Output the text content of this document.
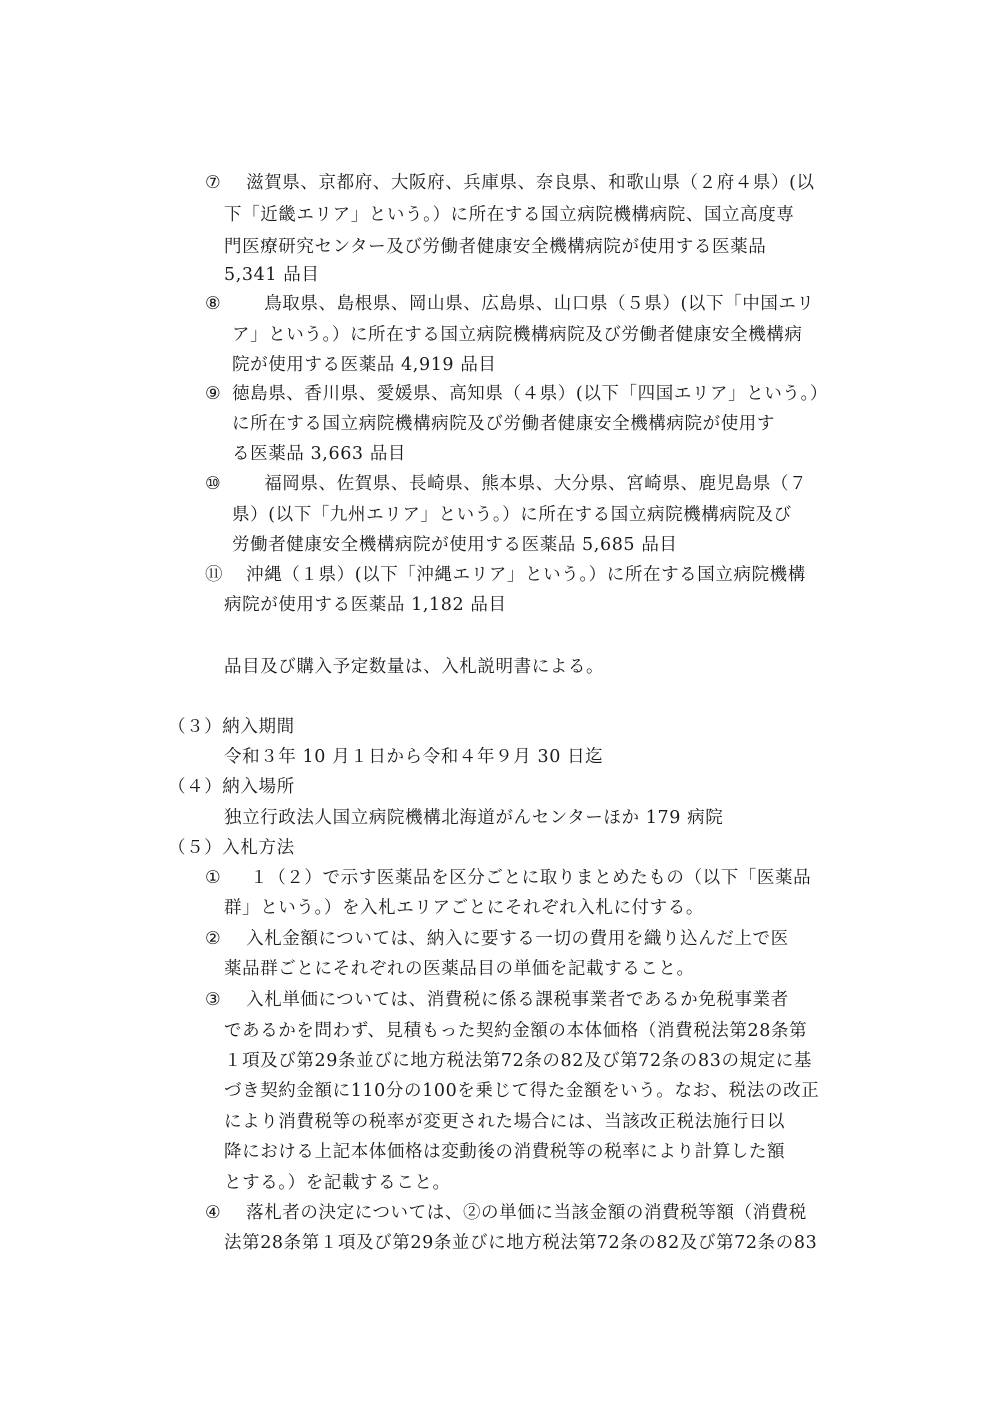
⑦ 　滋賀県、京都府、大阪府、兵庫県、奈良県、和歌山県（２府４県）(以
下「近畿エリア」という。）に所在する国立病院機構病院、国立高度専
門医療研究センター及び労働者健康安全機構病院が使用する医薬品
5,341 品目
⑧ 　　鳥取県、島根県、岡山県、広島県、山口県（５県）(以下「中国エリ
ア」という。）に所在する国立病院機構病院及び労働者健康安全機構病
院が使用する医薬品 4,919 品目
⑨ 徳島県、香川県、愛媛県、高知県（４県）(以下「四国エリア」という。）
に所在する国立病院機構病院及び労働者健康安全機構病院が使用す
る医薬品 3,663 品目
⑩ 　　福岡県、佐賀県、長崎県、熊本県、大分県、宮崎県、鹿児島県（７
県）(以下「九州エリア」という。）に所在する国立病院機構病院及び
労働者健康安全機構病院が使用する医薬品 5,685 品目
⑪ 　沖縄（１県）(以下「沖縄エリア」という。）に所在する国立病院機構
病院が使用する医薬品 1,182 品目
品目及び購入予定数量は、入札説明書による。
（３）納入期間
令和３年 10 月１日から令和４年９月 30 日迄
（４）納入場所
独立行政法人国立病院機構北海道がんセンターほか 179 病院
（５）入札方法
① 　１（２）で示す医薬品を区分ごとに取りまとめたもの（以下「医薬品
群」という。）を入札エリアごとにそれぞれ入札に付する。
② 　入札金額については、納入に要する一切の費用を織り込んだ上で医
薬品群ごとにそれぞれの医薬品目の単価を記載すること。
③ 　入札単価については、消費税に係る課税事業者であるか免税事業者
であるかを問わず、見積もった契約金額の本体価格（消費税法第28条第
１項及び第29条並びに地方税法第72条の82及び第72条の83の規定に基
づき契約金額に110分の100を乗じて得た金額をいう。なお、税法の改正
により消費税等の税率が変更された場合には、当該改正税法施行日以
降における上記本体価格は変動後の消費税等の税率により計算した額
とする。）を記載すること。
④ 　落札者の決定については、②の単価に当該金額の消費税等額（消費税
法第28条第１項及び第29条並びに地方税法第72条の82及び第72条の83
